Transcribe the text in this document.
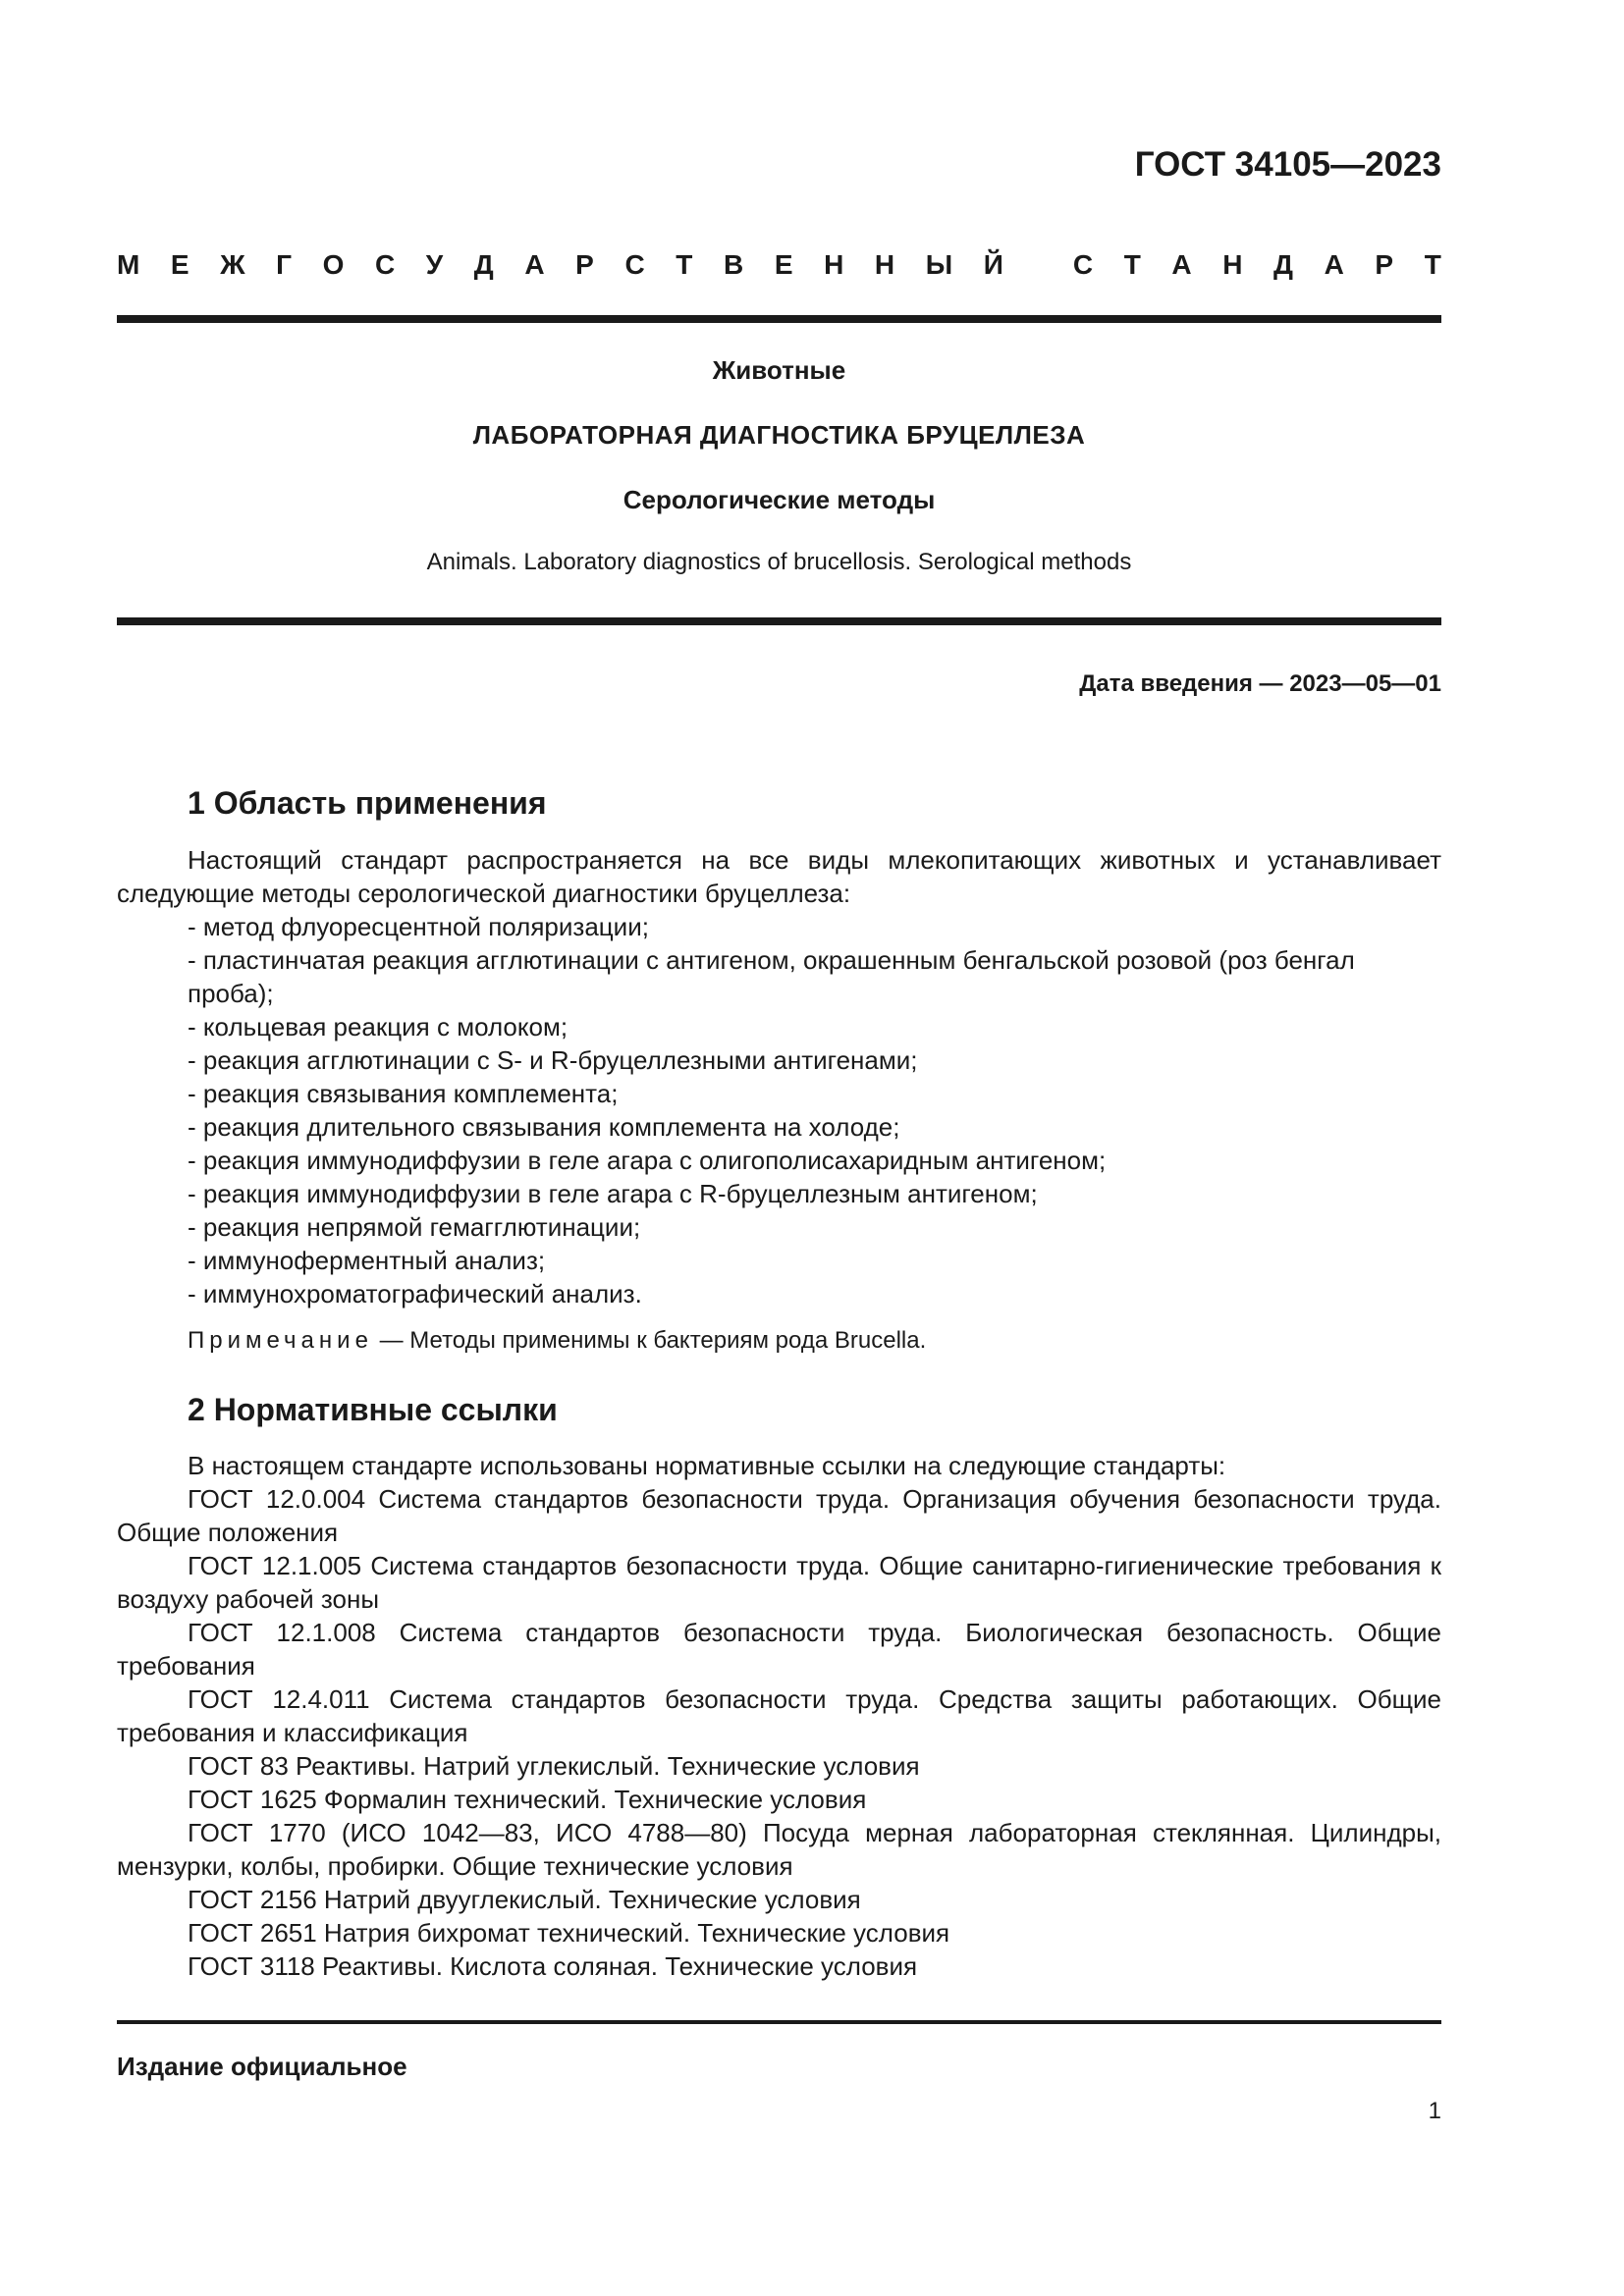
ГОСТ 34105—2023
М Е Ж Г О С У Д А Р С Т В Е Н Н Ы Й
	С Т А Н Д А Р Т
Животные
ЛАБОРАТОРНАЯ ДИАГНОСТИКА БРУЦЕЛЛЕЗА
Серологические методы
Animals. Laboratory diagnostics of brucellosis. Serological methods
Дата введения — 2023—05—01
1 Область применения

Настоящий стандарт распространяется на все виды млекопитающих животных и устанавливает следующие методы серологической диагностики бруцеллеза:

- метод флуоресцентной поляризации;

- пластинчатая реакция агглютинации с антигеном, окрашенным бенгальской розовой (роз бенгал проба);

- кольцевая реакция с молоком;

- реакция агглютинации с S- и R-бруцеллезными антигенами;

- реакция связывания комплемента;

- реакция длительного связывания комплемента на холоде;

- реакция иммунодиффузии в геле агара с олигополисахаридным антигеном;

- реакция иммунодиффузии в геле агара с R-бруцеллезным антигеном;

- реакция непрямой гемагглютинации;

- иммуноферментный анализ;

- иммунохроматографический анализ.

Примечание — Методы применимы к бактериям рода Brucella.

2 Нормативные ссылки

В настоящем стандарте использованы нормативные ссылки на следующие стандарты:

ГОСТ 12.0.004 Система стандартов безопасности труда. Организация обучения безопасности труда. Общие положения

ГОСТ 12.1.005 Система стандартов безопасности труда. Общие санитарно-гигиенические требования к воздуху рабочей зоны

ГОСТ 12.1.008 Система стандартов безопасности труда. Биологическая безопасность. Общие требования

ГОСТ 12.4.011 Система стандартов безопасности труда. Средства защиты работающих. Общие требования и классификация

ГОСТ 83 Реактивы. Натрий углекислый. Технические условия

ГОСТ 1625 Формалин технический. Технические условия

ГОСТ 1770 (ИСО 1042—83, ИСО 4788—80) Посуда мерная лабораторная стеклянная. Цилиндры, мензурки, колбы, пробирки. Общие технические условия

ГОСТ 2156 Натрий двууглекислый. Технические условия

ГОСТ 2651 Натрия бихромат технический. Технические условия

ГОСТ 3118 Реактивы. Кислота соляная. Технические условия

Издание официальное
1
